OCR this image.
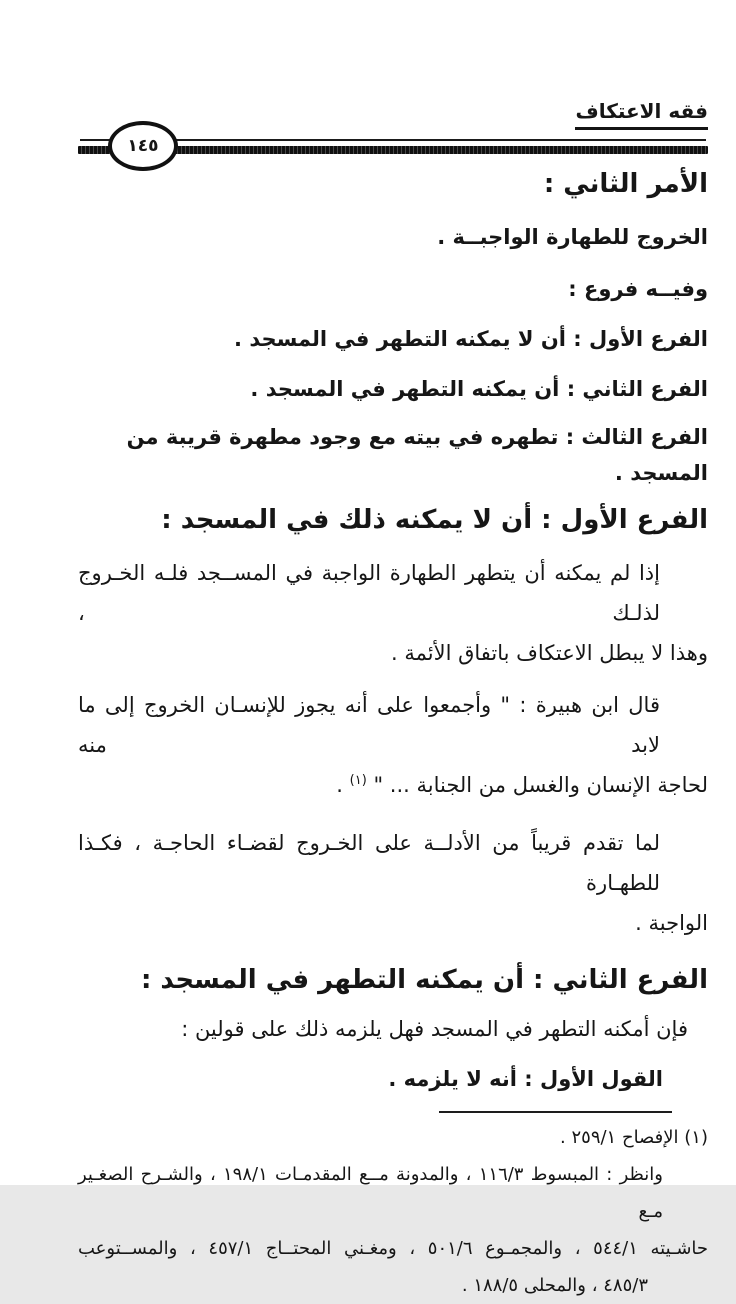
فقه الاعتكاف
١٤٥
الأمر الثاني :
الخروج للطهارة الواجبــة .
وفيــه فروع :
الفرع الأول : أن لا يمكنه التطهر في المسجد .
الفرع الثاني : أن يمكنه التطهر في المسجد .
الفرع الثالث : تطهره في بيته مع وجود مطهرة قريبة من المسجد .
الفرع الأول : أن لا يمكنه ذلك في المسجد :
إذا لم يمكنه أن يتطهر الطهارة الواجبة في المســجد فلـه الخـروج لذلـك ،
وهذا لا يبطل الاعتكاف باتفاق الأئمة .
قال ابن هبيرة : " وأجمعوا على أنه يجوز للإنسـان الخروج إلى ما لابد منه
لحاجة الإنسان والغسل من الجنابة ... " $^{(١)}$ .
لما تقدم قريباً من الأدلــة على الخـروج لقضـاء الحاجـة ، فكـذا للطهـارة
الواجبة .
الفرع الثاني : أن يمكنه التطهر في المسجد :
فإن أمكنه التطهر في المسجد فهل يلزمه ذلك على قولين :
القول الأول : أنه لا يلزمه .
(١) الإفصاح ٢٥٩/١ .
وانظر : المبسوط ١١٦/٣ ، والمدونة مــع المقدمـات ١٩٨/١ ، والشـرح الصغـير مـع
حاشـيته ٥٤٤/١ ، والمجمـوع ٥٠١/٦ ، ومغـني المحتــاج ٤٥٧/١ ، والمســتوعب
٤٨٥/٣ ، والمحلى ١٨٨/٥ .
